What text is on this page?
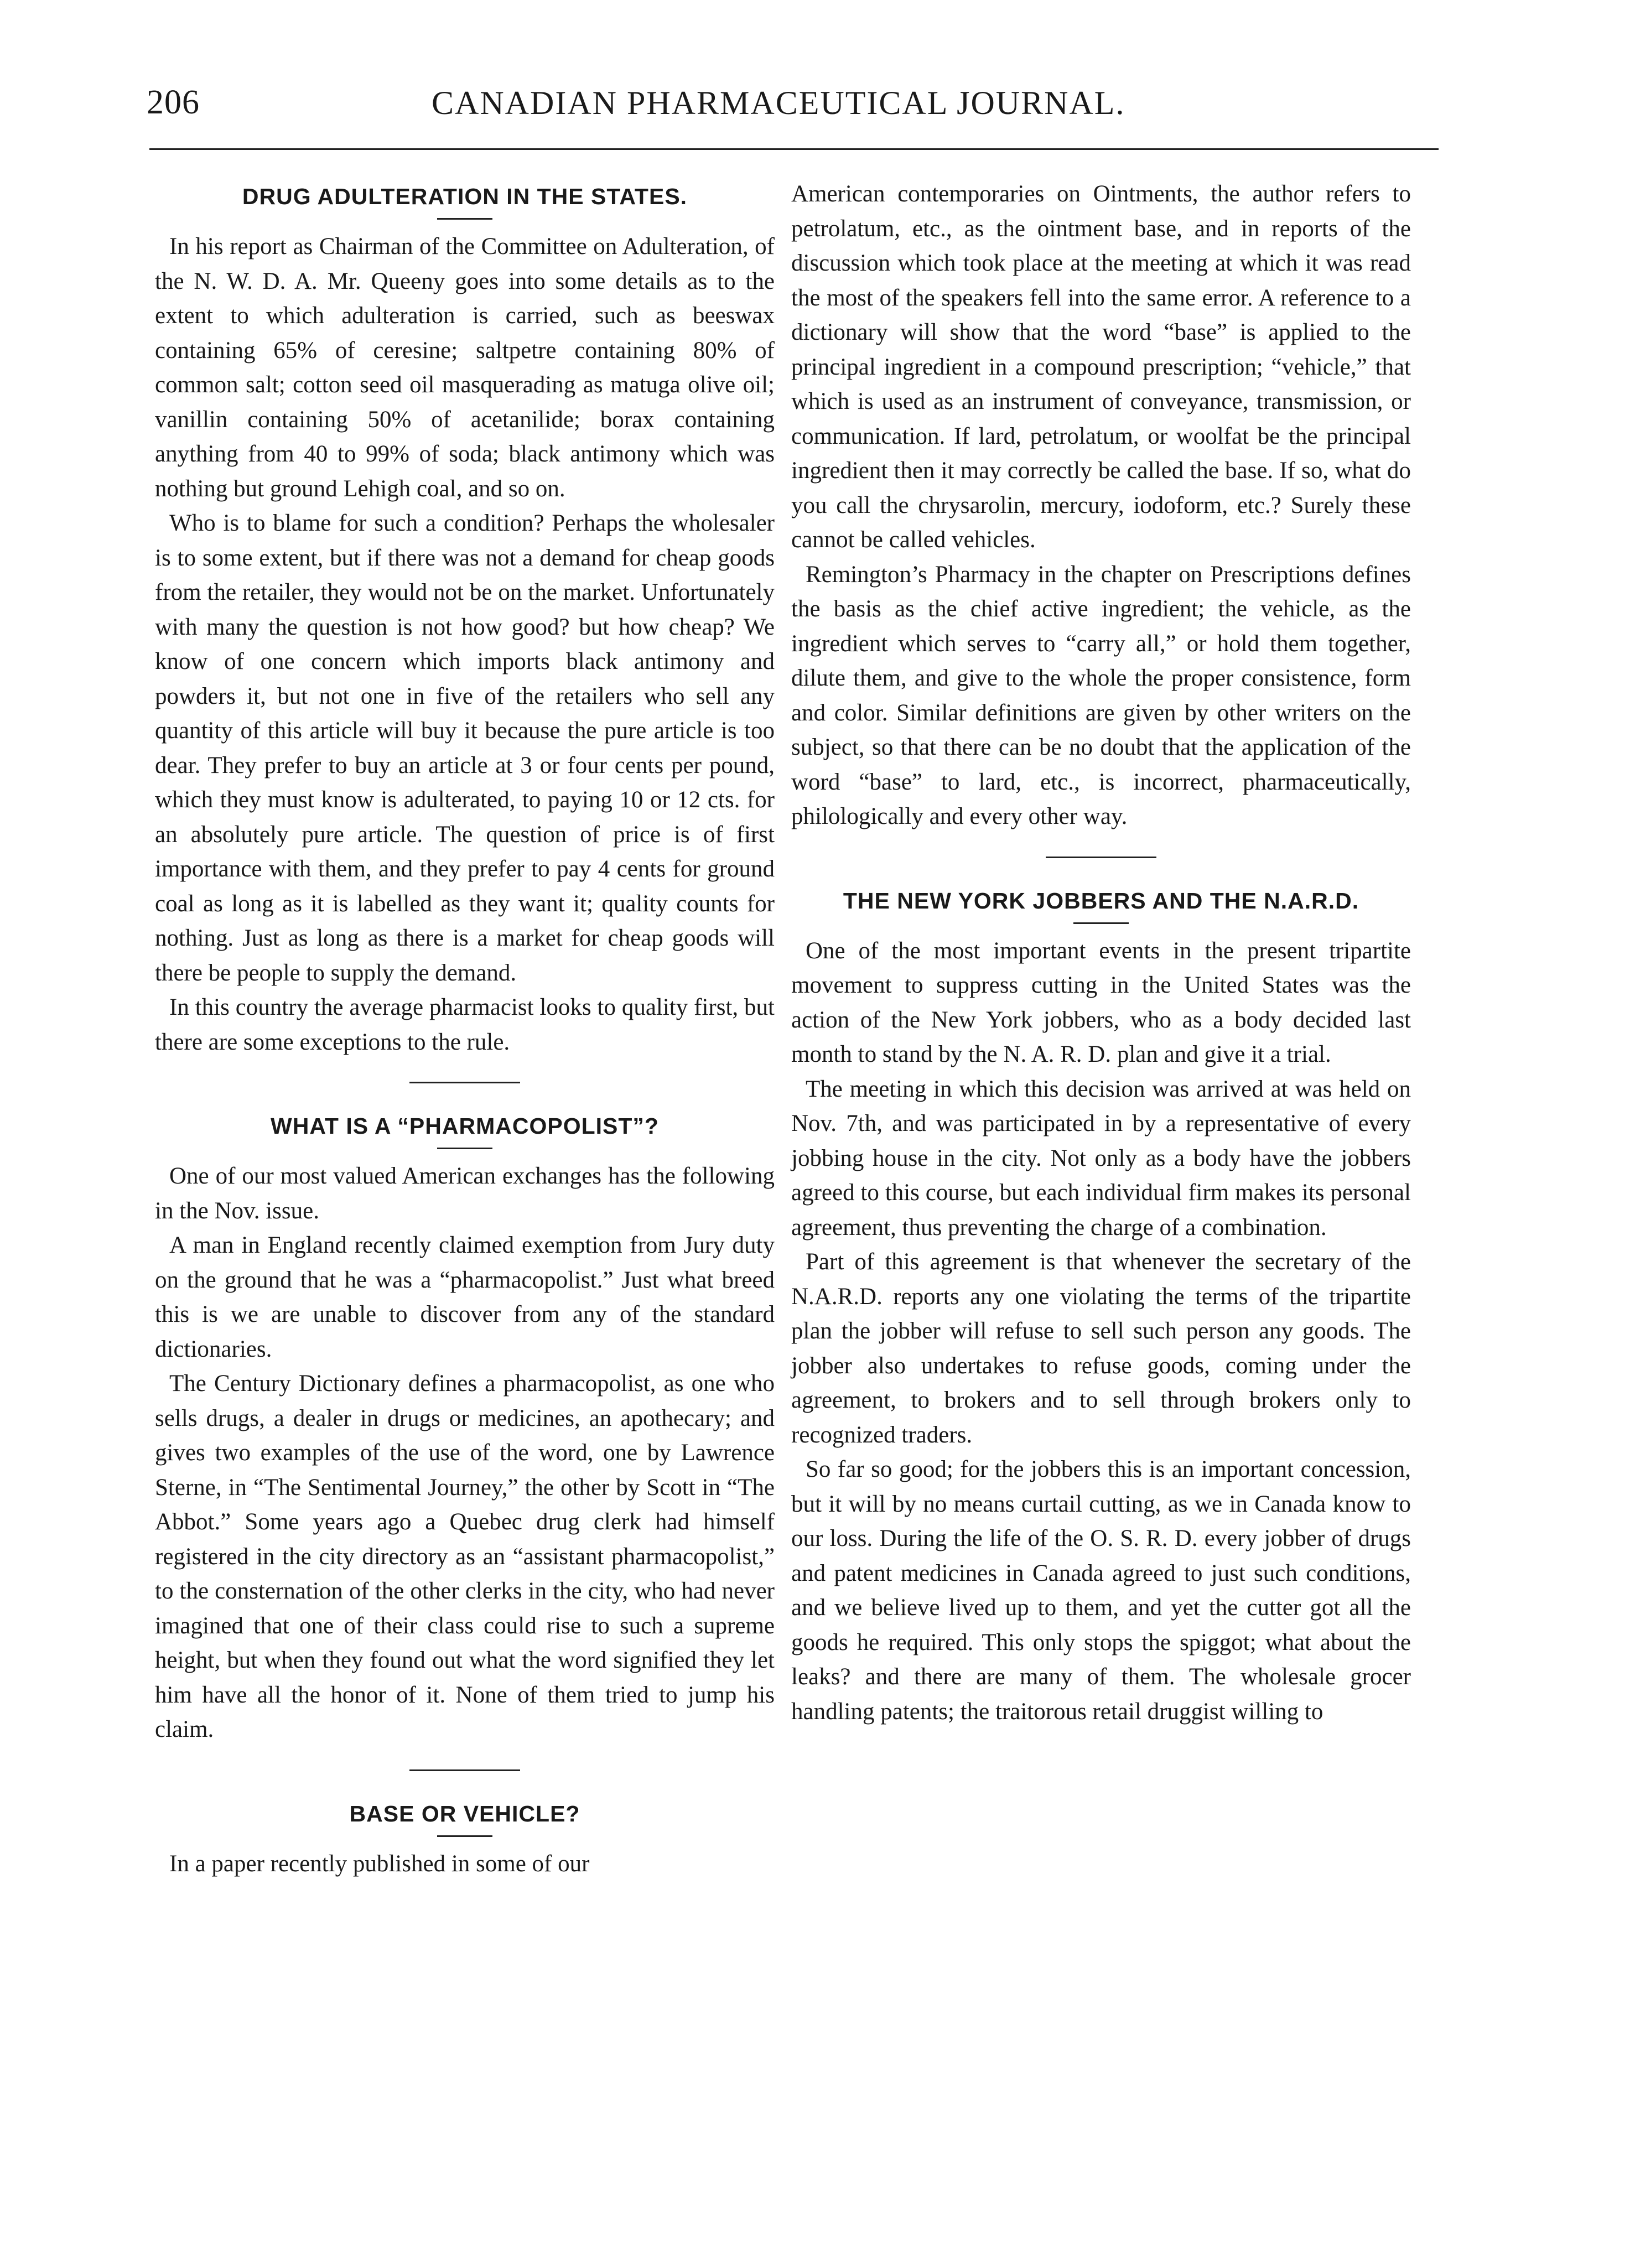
206	CANADIAN PHARMACEUTICAL JOURNAL.
DRUG ADULTERATION IN THE STATES.

In his report as Chairman of the Committee on Adulteration, of the N. W. D. A. Mr. Queeny goes into some details as to the extent to which adulteration is carried, such as beeswax containing 65% of ceresine; saltpetre containing 80% of common salt; cotton seed oil masquerading as matuga olive oil; vanillin containing 50% of acetanilide; borax containing anything from 40 to 99% of soda; black antimony which was nothing but ground Lehigh coal, and so on.

Who is to blame for such a condition? Perhaps the wholesaler is to some extent, but if there was not a demand for cheap goods from the retailer, they would not be on the market. Unfortunately with many the question is not how good? but how cheap? We know of one concern which imports black antimony and powders it, but not one in five of the retailers who sell any quantity of this article will buy it because the pure article is too dear. They prefer to buy an article at 3 or four cents per pound, which they must know is adulterated, to paying 10 or 12 cts. for an absolutely pure article. The question of price is of first importance with them, and they prefer to pay 4 cents for ground coal as long as it is labelled as they want it; quality counts for nothing. Just as long as there is a market for cheap goods will there be people to supply the demand.

In this country the average pharmacist looks to quality first, but there are some exceptions to the rule.

WHAT IS A “PHARMACOPOLIST”?

One of our most valued American exchanges has the following in the Nov. issue.

A man in England recently claimed exemption from Jury duty on the ground that he was a “pharmacopolist.” Just what breed this is we are unable to discover from any of the standard dictionaries.

The Century Dictionary defines a pharmacopolist, as one who sells drugs, a dealer in drugs or medicines, an apothecary; and gives two examples of the use of the word, one by Lawrence Sterne, in “The Sentimental Journey,” the other by Scott in “The Abbot.” Some years ago a Quebec drug clerk had himself registered in the city directory as an “assistant pharmacopolist,” to the consternation of the other clerks in the city, who had never imagined that one of their class could rise to such a supreme height, but when they found out what the word signified they let him have all the honor of it. None of them tried to jump his claim.

BASE OR VEHICLE?

In a paper recently published in some of our

American contemporaries on Ointments, the author refers to petrolatum, etc., as the ointment base, and in reports of the discussion which took place at the meeting at which it was read the most of the speakers fell into the same error. A reference to a dictionary will show that the word “base” is applied to the principal ingredient in a compound prescription; “vehicle,” that which is used as an instrument of conveyance, transmission, or communication. If lard, petrolatum, or woolfat be the principal ingredient then it may correctly be called the base. If so, what do you call the chrysarolin, mercury, iodoform, etc.? Surely these cannot be called vehicles.

Remington’s Pharmacy in the chapter on Prescriptions defines the basis as the chief active ingredient; the vehicle, as the ingredient which serves to “carry all,” or hold them together, dilute them, and give to the whole the proper consistence, form and color. Similar definitions are given by other writers on the subject, so that there can be no doubt that the application of the word “base” to lard, etc., is incorrect, pharmaceutically, philologically and every other way.

THE NEW YORK JOBBERS AND THE N.A.R.D.

One of the most important events in the present tripartite movement to suppress cutting in the United States was the action of the New York jobbers, who as a body decided last month to stand by the N. A. R. D. plan and give it a trial.

The meeting in which this decision was arrived at was held on Nov. 7th, and was participated in by a representative of every jobbing house in the city. Not only as a body have the jobbers agreed to this course, but each individual firm makes its personal agreement, thus preventing the charge of a combination.

Part of this agreement is that whenever the secretary of the N.A.R.D. reports any one violating the terms of the tripartite plan the jobber will refuse to sell such person any goods. The jobber also undertakes to refuse goods, coming under the agreement, to brokers and to sell through brokers only to recognized traders.

So far so good; for the jobbers this is an important concession, but it will by no means curtail cutting, as we in Canada know to our loss. During the life of the O. S. R. D. every jobber of drugs and patent medicines in Canada agreed to just such conditions, and we believe lived up to them, and yet the cutter got all the goods he required. This only stops the spiggot; what about the leaks? and there are many of them. The wholesale grocer handling patents; the traitorous retail druggist willing to
